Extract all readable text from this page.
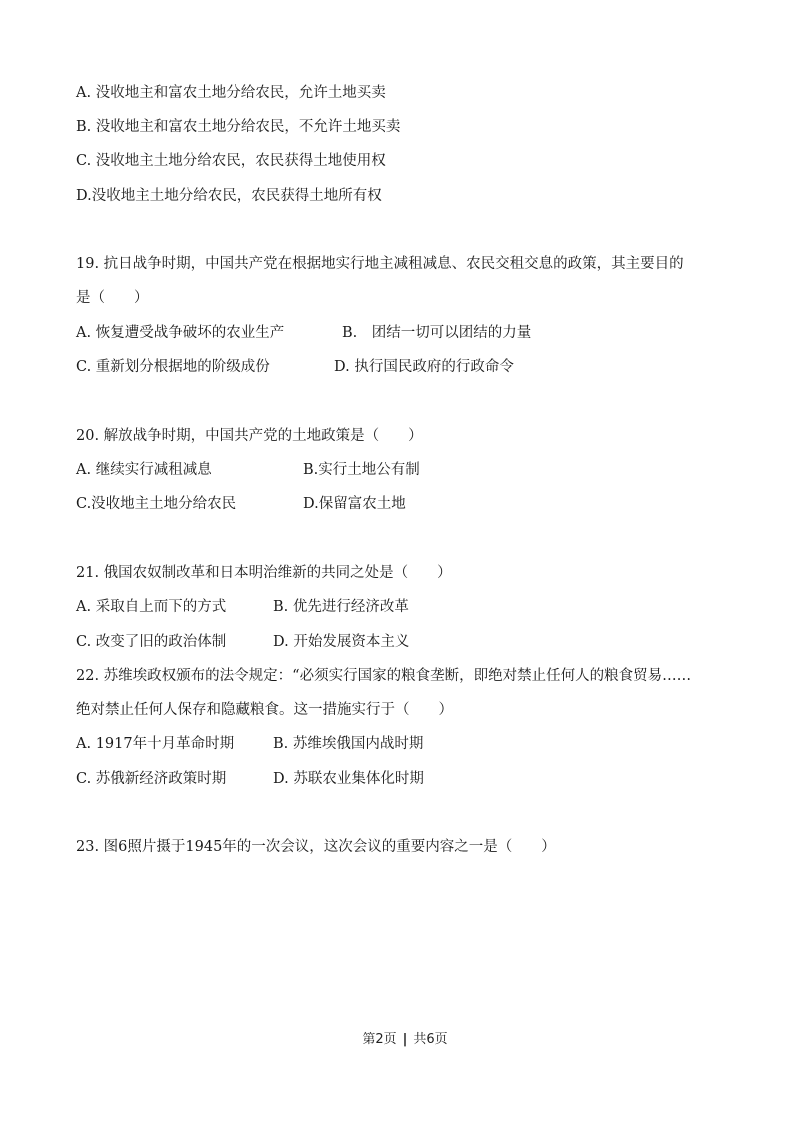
A. 没收地主和富农土地分给农民，允许土地买卖
B. 没收地主和富农土地分给农民，不允许土地买卖
C. 没收地主土地分给农民，农民获得土地使用权
D.没收地主土地分给农民，农民获得土地所有权
19. 抗日战争时期，中国共产党在根据地实行地主减租减息、农民交租交息的政策，其主要目的
是（　　）
A. 恢复遭受战争破坏的农业生产	B.　团结一切可以团结的力量
C. 重新划分根据地的阶级成份	D. 执行国民政府的行政命令
20. 解放战争时期，中国共产党的土地政策是（　　）
A. 继续实行减租减息	B.实行土地公有制
C.没收地主土地分给农民	D.保留富农土地
21. 俄国农奴制改革和日本明治维新的共同之处是（　　）
A. 采取自上而下的方式	B. 优先进行经济改革
C. 改变了旧的政治体制	D. 开始发展资本主义
22. 苏维埃政权颁布的法令规定：“必须实行国家的粮食垄断，即绝对禁止任何人的粮食贸易……
绝对禁止任何人保存和隐藏粮食。这一措施实行于（　　）
A. 1917年十月革命时期	B. 苏维埃俄国内战时期
C. 苏俄新经济政策时期	D. 苏联农业集体化时期
23. 图6照片摄于1945年的一次会议，这次会议的重要内容之一是（　　）
第2页 | 共6页
